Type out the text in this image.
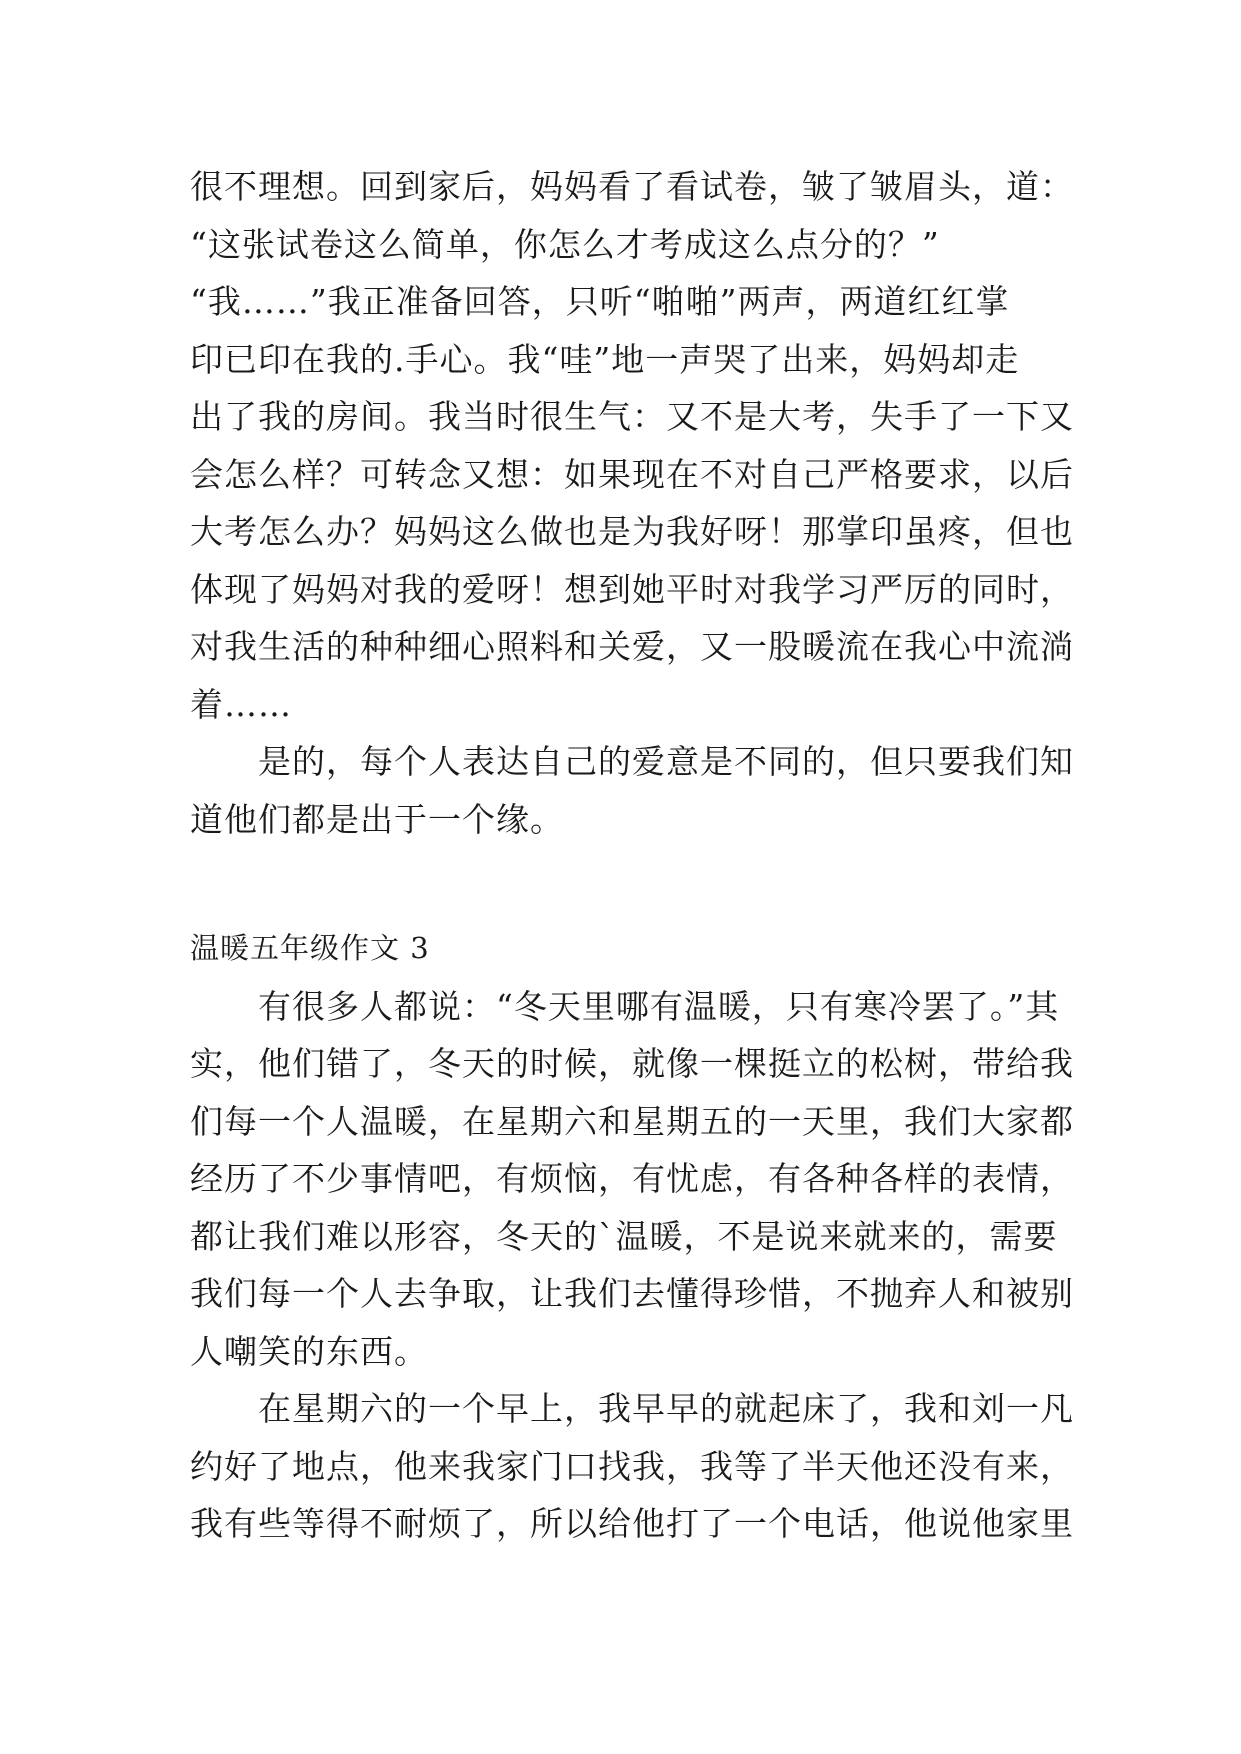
很不理想。回到家后，妈妈看了看试卷，皱了皱眉头，道：
“这张试卷这么简单，你怎么才考成这么点分的？”
“我……”我正准备回答，只听“啪啪”两声，两道红红掌
印已印在我的.手心。我“哇”地一声哭了出来，妈妈却走
出了我的房间。我当时很生气：又不是大考，失手了一下又
会怎么样？可转念又想：如果现在不对自己严格要求，以后
大考怎么办？妈妈这么做也是为我好呀！那掌印虽疼，但也
体现了妈妈对我的爱呀！想到她平时对我学习严厉的同时，
对我生活的种种细心照料和关爱，又一股暖流在我心中流淌
着……
是的，每个人表达自己的爱意是不同的，但只要我们知
道他们都是出于一个缘。
温暖五年级作文 3
有很多人都说：“冬天里哪有温暖，只有寒冷罢了。”其
实，他们错了，冬天的时候，就像一棵挺立的松树，带给我
们每一个人温暖，在星期六和星期五的一天里，我们大家都
经历了不少事情吧，有烦恼，有忧虑，有各种各样的表情，
都让我们难以形容，冬天的`温暖，不是说来就来的，需要
我们每一个人去争取，让我们去懂得珍惜，不抛弃人和被别
人嘲笑的东西。
在星期六的一个早上，我早早的就起床了，我和刘一凡
约好了地点，他来我家门口找我，我等了半天他还没有来，
我有些等得不耐烦了，所以给他打了一个电话，他说他家里
